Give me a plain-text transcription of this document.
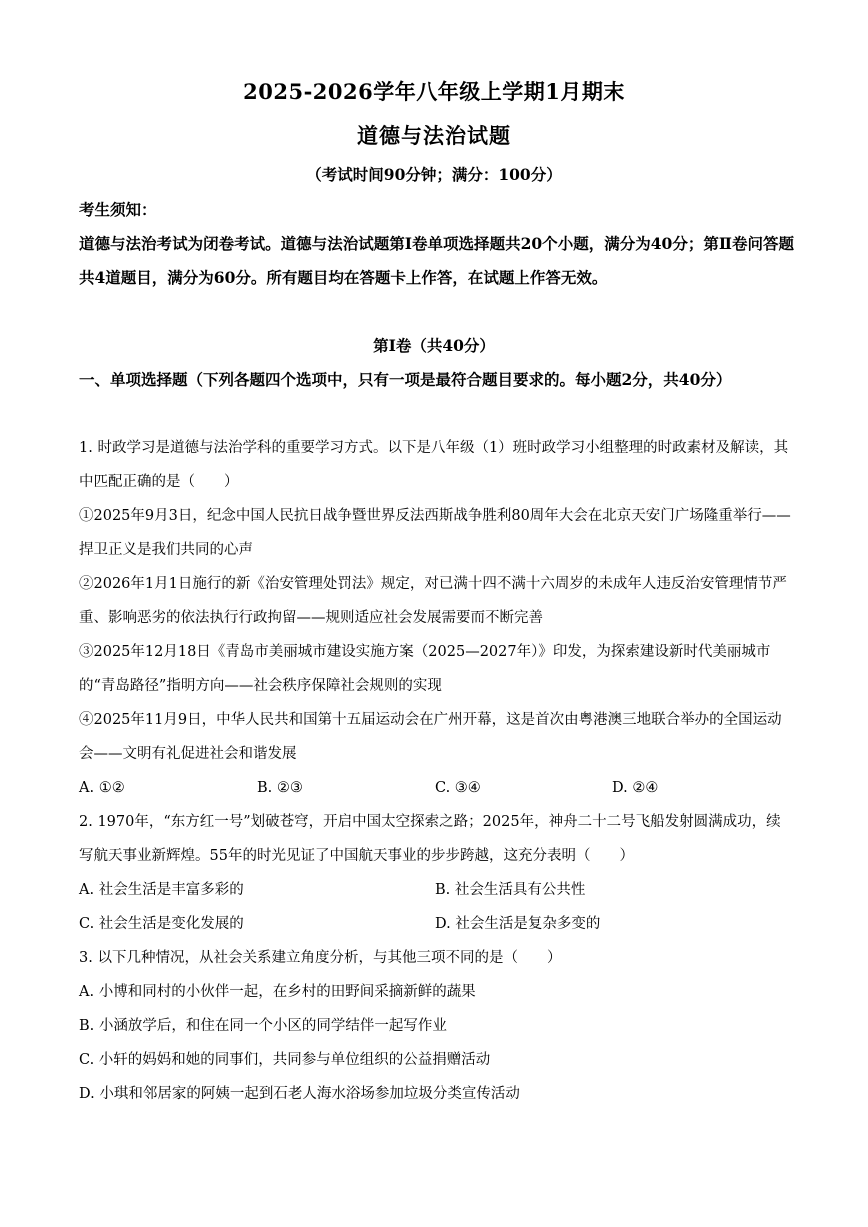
2025-2026学年八年级上学期1月期末
道德与法治试题
（考试时间90分钟；满分：100分）
考生须知：
道德与法治考试为闭卷考试。道德与法治试题第Ⅰ卷单项选择题共20个小题，满分为40分；第Ⅱ卷问答题共4道题目，满分为60分。所有题目均在答题卡上作答，在试题上作答无效。
第Ⅰ卷（共40分）
一、单项选择题（下列各题四个选项中，只有一项是最符合题目要求的。每小题2分，共40分）
1. 时政学习是道德与法治学科的重要学习方式。以下是八年级（1）班时政学习小组整理的时政素材及解读，其中匹配正确的是（　　）
①2025年9月3日，纪念中国人民抗日战争暨世界反法西斯战争胜利80周年大会在北京天安门广场隆重举行——捍卫正义是我们共同的心声
②2026年1月1日施行的新《治安管理处罚法》规定，对已满十四不满十六周岁的未成年人违反治安管理情节严重、影响恶劣的依法执行行政拘留——规则适应社会发展需要而不断完善
③2025年12月18日《青岛市美丽城市建设实施方案（2025—2027年）》印发，为探索建设新时代美丽城市的“青岛路径”指明方向——社会秩序保障社会规则的实现
④2025年11月9日，中华人民共和国第十五届运动会在广州开幕，这是首次由粤港澳三地联合举办的全国运动会——文明有礼促进社会和谐发展
A. ①②	B. ②③	C. ③④	D. ②④
2. 1970年，“东方红一号”划破苍穹，开启中国太空探索之路；2025年，神舟二十二号飞船发射圆满成功，续写航天事业新辉煌。55年的时光见证了中国航天事业的步步跨越，这充分表明（　　）
A. 社会生活是丰富多彩的	B. 社会生活具有公共性
C. 社会生活是变化发展的	D. 社会生活是复杂多变的
3. 以下几种情况，从社会关系建立角度分析，与其他三项不同的是（　　）
A. 小博和同村的小伙伴一起，在乡村的田野间采摘新鲜的蔬果
B. 小涵放学后，和住在同一个小区的同学结伴一起写作业
C. 小轩的妈妈和她的同事们，共同参与单位组织的公益捐赠活动
D. 小琪和邻居家的阿姨一起到石老人海水浴场参加垃圾分类宣传活动
